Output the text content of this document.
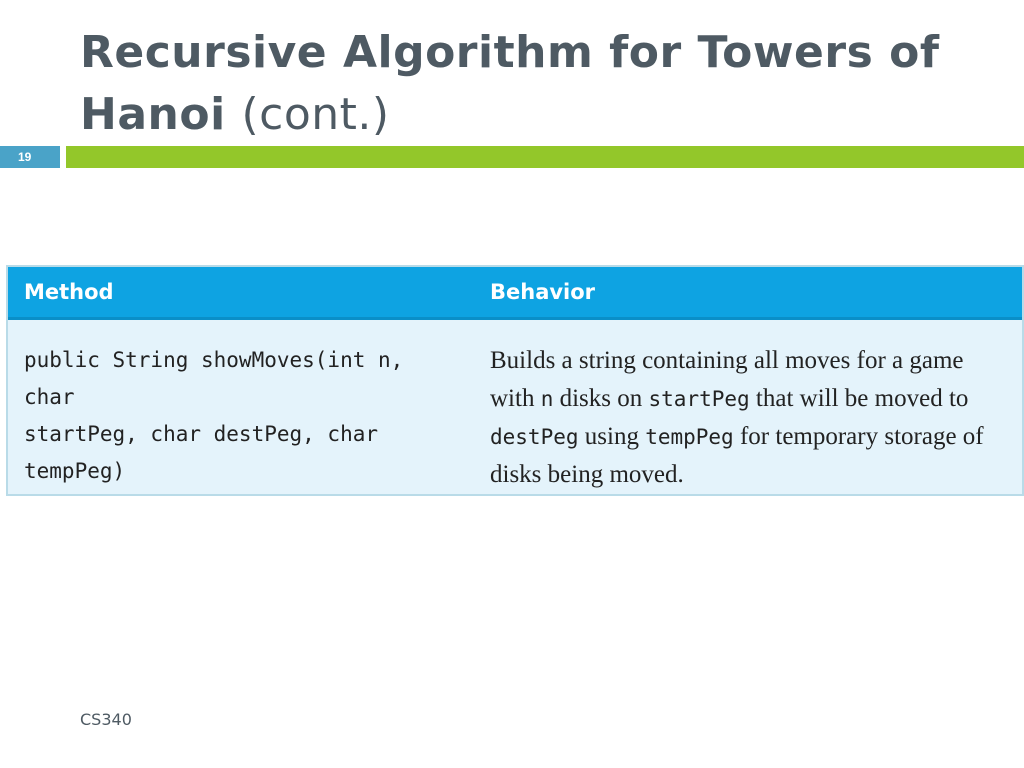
Recursive Algorithm for Towers of Hanoi (cont.)
19
Method	Behavior

public String showMoves(int n, char
startPeg, char destPeg, char tempPeg)	Builds a string containing all moves for a game with n disks on startPeg that will be moved to destPeg using tempPeg for temporary storage of disks being moved.
CS340
